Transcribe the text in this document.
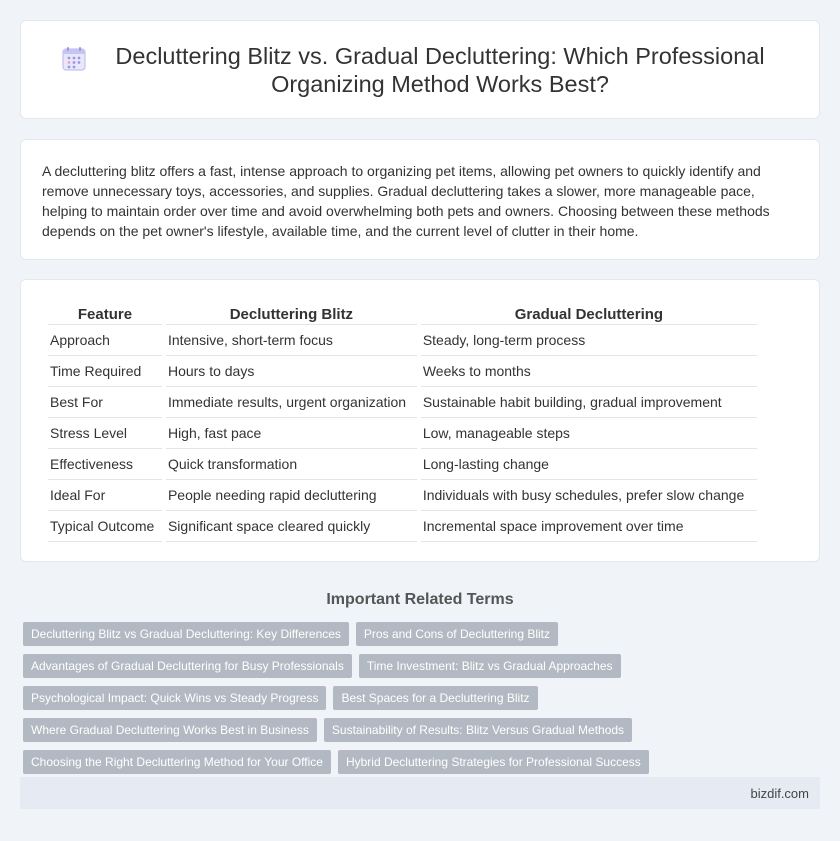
Decluttering Blitz vs. Gradual Decluttering: Which Professional Organizing Method Works Best?

A decluttering blitz offers a fast, intense approach to organizing pet items, allowing pet owners to quickly identify and remove unnecessary toys, accessories, and supplies. Gradual decluttering takes a slower, more manageable pace, helping to maintain order over time and avoid overwhelming both pets and owners. Choosing between these methods depends on the pet owner's lifestyle, available time, and the current level of clutter in their home.

Feature	Decluttering Blitz	Gradual Decluttering
Approach	Intensive, short-term focus	Steady, long-term process
Time Required	Hours to days	Weeks to months
Best For	Immediate results, urgent organization	Sustainable habit building, gradual improvement
Stress Level	High, fast pace	Low, manageable steps
Effectiveness	Quick transformation	Long-lasting change
Ideal For	People needing rapid decluttering	Individuals with busy schedules, prefer slow change
Typical Outcome	Significant space cleared quickly	Incremental space improvement over time
Important Related Terms
Decluttering Blitz vs Gradual Decluttering: Key Differences	Pros and Cons of Decluttering Blitz
Advantages of Gradual Decluttering for Busy Professionals	Time Investment: Blitz vs Gradual Approaches
Psychological Impact: Quick Wins vs Steady Progress	Best Spaces for a Decluttering Blitz
Where Gradual Decluttering Works Best in Business	Sustainability of Results: Blitz Versus Gradual Methods
Choosing the Right Decluttering Method for Your Office	Hybrid Decluttering Strategies for Professional Success
bizdif.com
